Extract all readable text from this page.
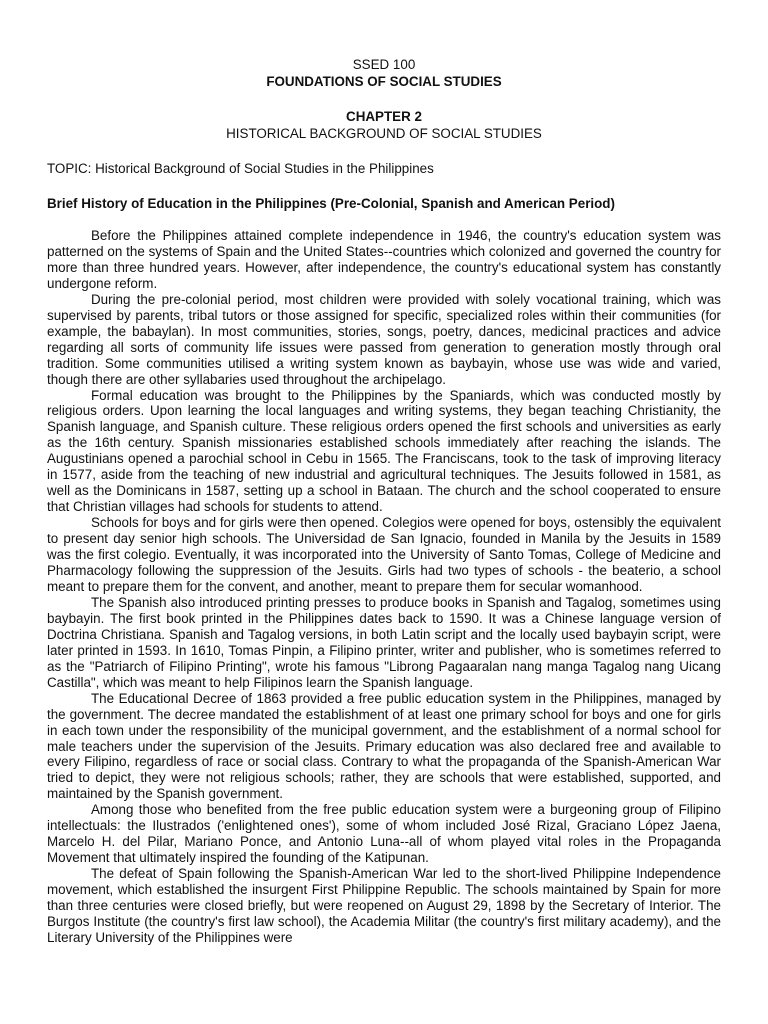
SSED 100

FOUNDATIONS OF SOCIAL STUDIES

CHAPTER 2

HISTORICAL BACKGROUND OF SOCIAL STUDIES

TOPIC: Historical Background of Social Studies in the Philippines

Brief History of Education in the Philippines (Pre-Colonial, Spanish and American Period)

Before the Philippines attained complete independence in 1946, the country's education system was patterned on the systems of Spain and the United States--countries which colonized and governed the country for more than three hundred years. However, after independence, the country's educational system has constantly undergone reform.

During the pre-colonial period, most children were provided with solely vocational training, which was supervised by parents, tribal tutors or those assigned for specific, specialized roles within their communities (for example, the babaylan). In most communities, stories, songs, poetry, dances, medicinal practices and advice regarding all sorts of community life issues were passed from generation to generation mostly through oral tradition. Some communities utilised a writing system known as baybayin, whose use was wide and varied, though there are other syllabaries used throughout the archipelago.

Formal education was brought to the Philippines by the Spaniards, which was conducted mostly by religious orders. Upon learning the local languages and writing systems, they began teaching Christianity, the Spanish language, and Spanish culture. These religious orders opened the first schools and universities as early as the 16th century. Spanish missionaries established schools immediately after reaching the islands. The Augustinians opened a parochial school in Cebu in 1565. The Franciscans, took to the task of improving literacy in 1577, aside from the teaching of new industrial and agricultural techniques. The Jesuits followed in 1581, as well as the Dominicans in 1587, setting up a school in Bataan. The church and the school cooperated to ensure that Christian villages had schools for students to attend.

Schools for boys and for girls were then opened. Colegios were opened for boys, ostensibly the equivalent to present day senior high schools. The Universidad de San Ignacio, founded in Manila by the Jesuits in 1589 was the first colegio. Eventually, it was incorporated into the University of Santo Tomas, College of Medicine and Pharmacology following the suppression of the Jesuits. Girls had two types of schools - the beaterio, a school meant to prepare them for the convent, and another, meant to prepare them for secular womanhood.

The Spanish also introduced printing presses to produce books in Spanish and Tagalog, sometimes using baybayin. The first book printed in the Philippines dates back to 1590. It was a Chinese language version of Doctrina Christiana. Spanish and Tagalog versions, in both Latin script and the locally used baybayin script, were later printed in 1593. In 1610, Tomas Pinpin, a Filipino printer, writer and publisher, who is sometimes referred to as the "Patriarch of Filipino Printing", wrote his famous "Librong Pagaaralan nang manga Tagalog nang Uicang Castilla", which was meant to help Filipinos learn the Spanish language.

The Educational Decree of 1863 provided a free public education system in the Philippines, managed by the government. The decree mandated the establishment of at least one primary school for boys and one for girls in each town under the responsibility of the municipal government, and the establishment of a normal school for male teachers under the supervision of the Jesuits. Primary education was also declared free and available to every Filipino, regardless of race or social class. Contrary to what the propaganda of the Spanish-American War tried to depict, they were not religious schools; rather, they are schools that were established, supported, and maintained by the Spanish government.

Among those who benefited from the free public education system were a burgeoning group of Filipino intellectuals: the Ilustrados ('enlightened ones'), some of whom included José Rizal, Graciano López Jaena, Marcelo H. del Pilar, Mariano Ponce, and Antonio Luna--all of whom played vital roles in the Propaganda Movement that ultimately inspired the founding of the Katipunan.

The defeat of Spain following the Spanish-American War led to the short-lived Philippine Independence movement, which established the insurgent First Philippine Republic. The schools maintained by Spain for more than three centuries were closed briefly, but were reopened on August 29, 1898 by the Secretary of Interior. The Burgos Institute (the country's first law school), the Academia Militar (the country's first military academy), and the Literary University of the Philippines were
